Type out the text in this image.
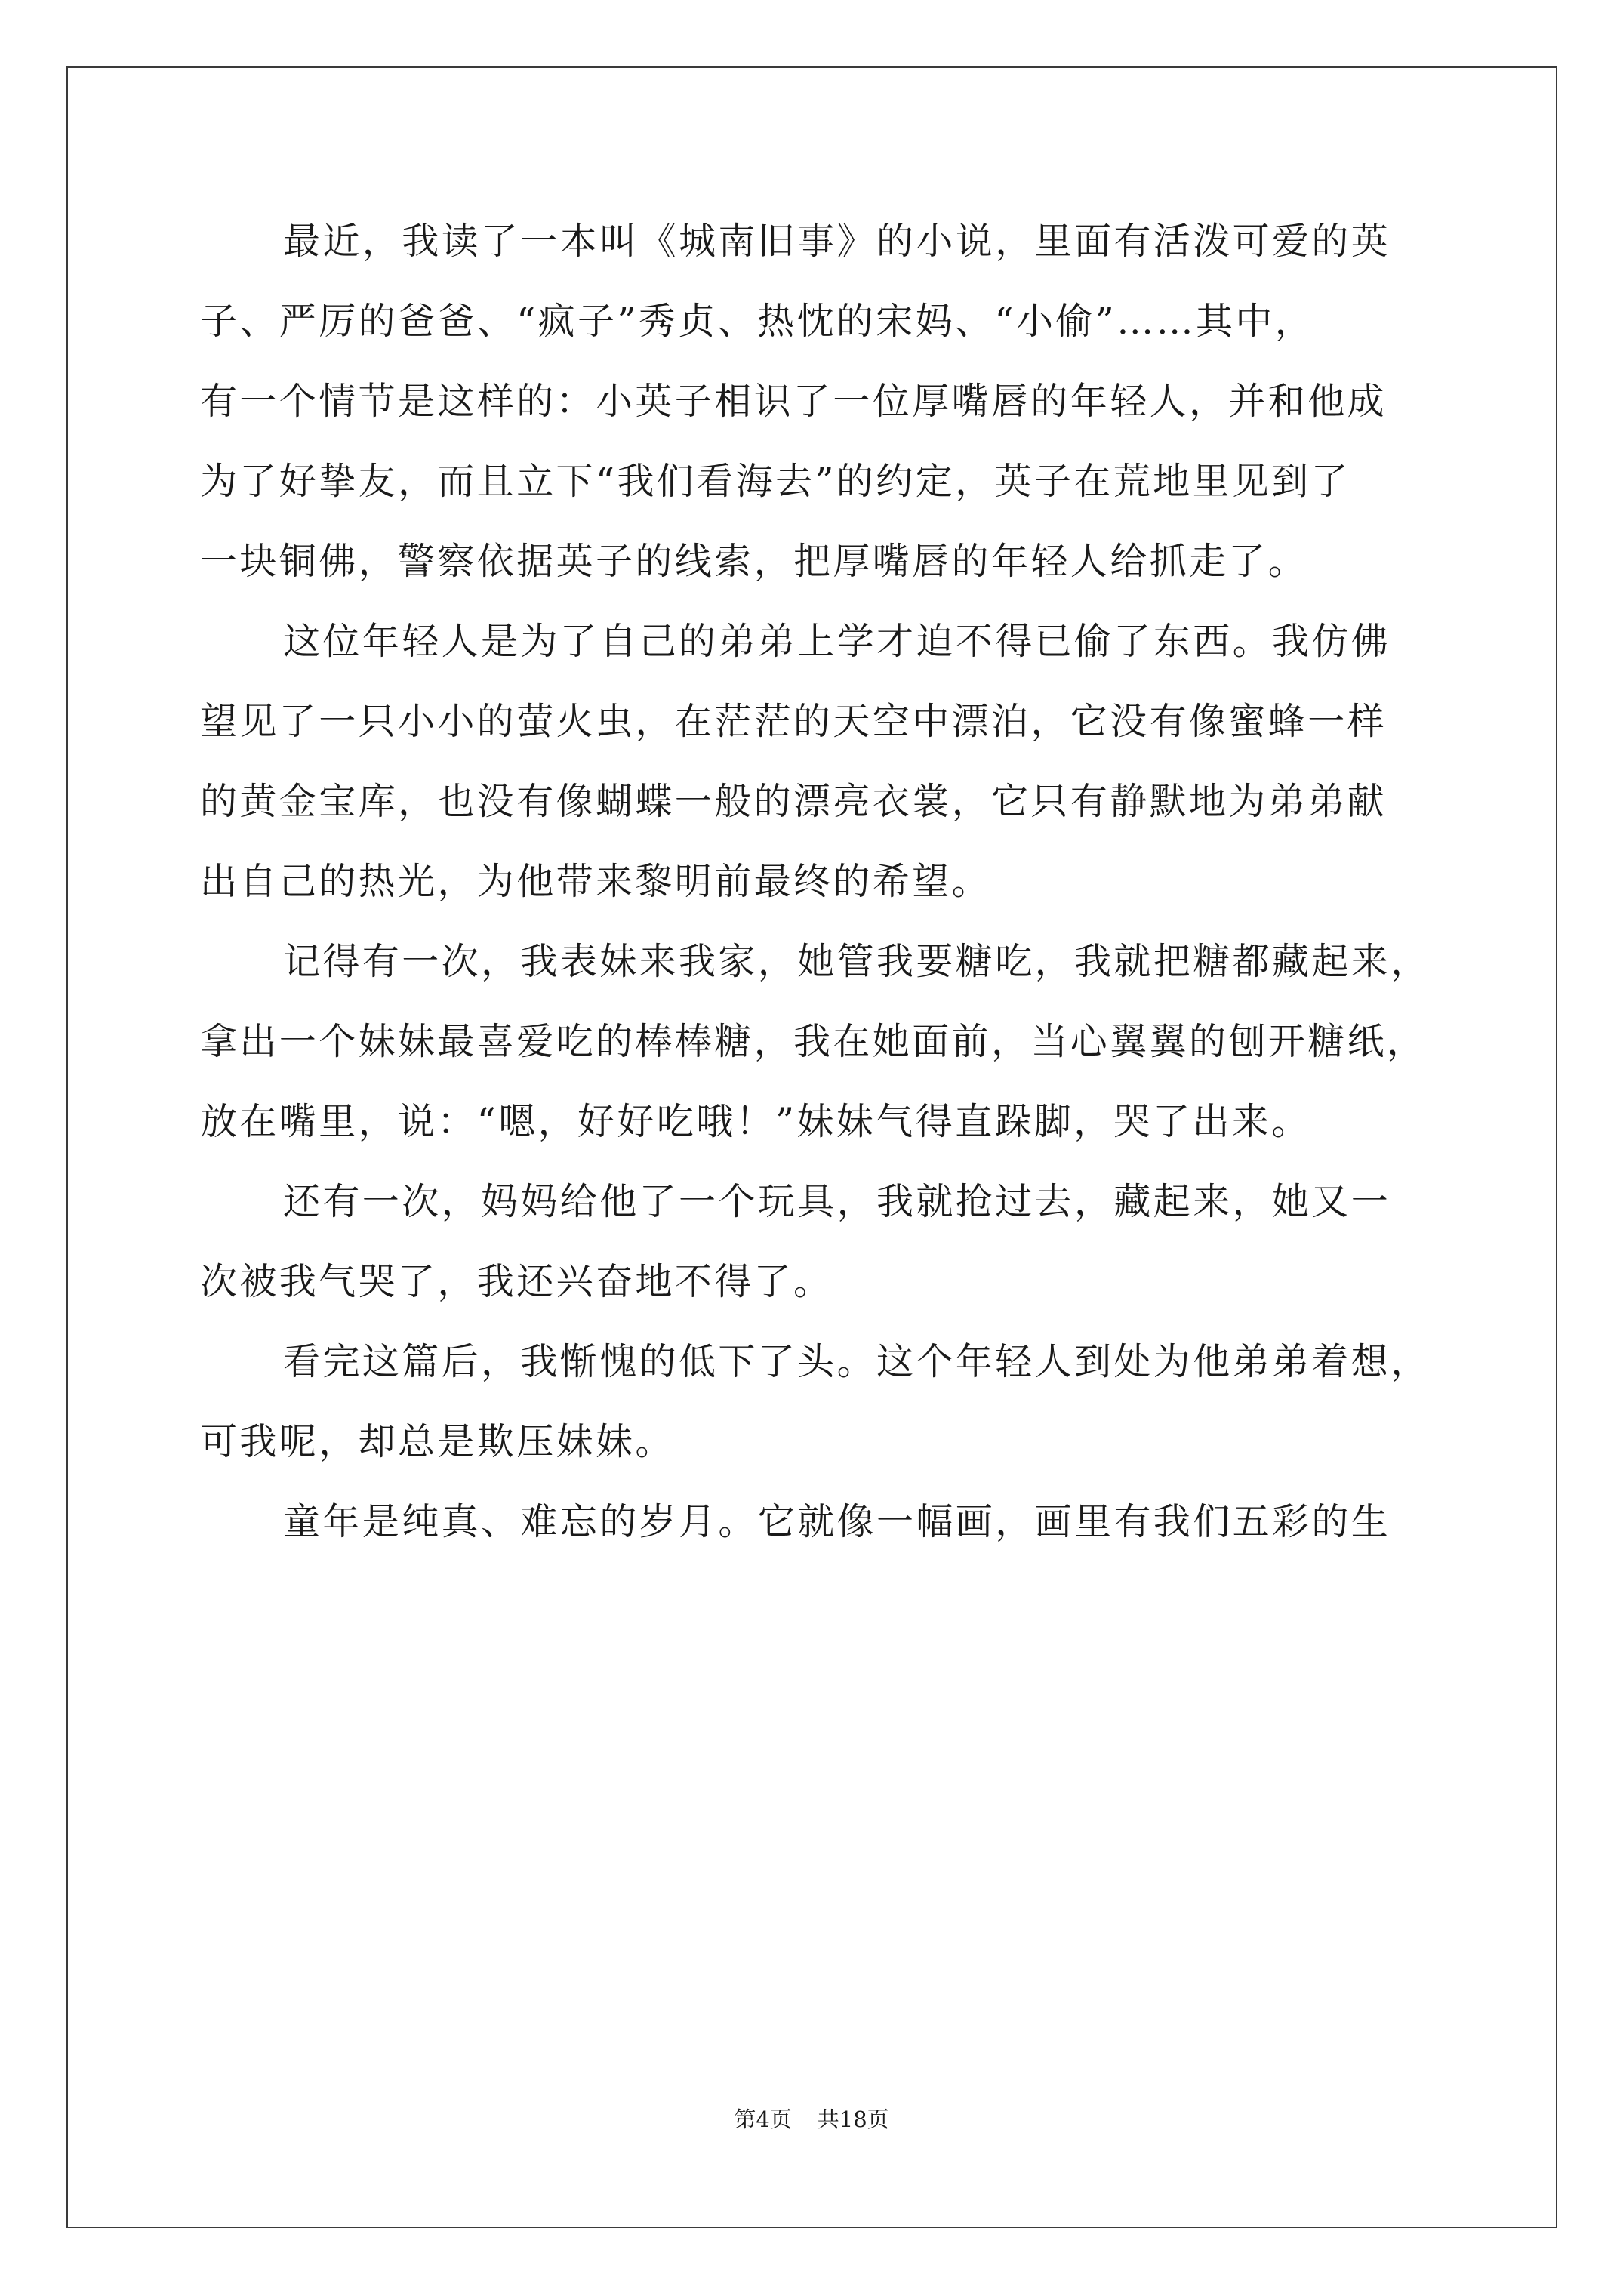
最近，我读了一本叫《城南旧事》的小说，里面有活泼可爱的英
子、严厉的爸爸、“疯子”秀贞、热忱的宋妈、“小偷”……其中，
有一个情节是这样的：小英子相识了一位厚嘴唇的年轻人，并和他成
为了好挚友，而且立下“我们看海去”的约定，英子在荒地里见到了
一块铜佛，警察依据英子的线索，把厚嘴唇的年轻人给抓走了。
这位年轻人是为了自己的弟弟上学才迫不得已偷了东西。我仿佛
望见了一只小小的萤火虫，在茫茫的天空中漂泊，它没有像蜜蜂一样
的黄金宝库，也没有像蝴蝶一般的漂亮衣裳，它只有静默地为弟弟献
出自己的热光，为他带来黎明前最终的希望。
记得有一次，我表妹来我家，她管我要糖吃，我就把糖都藏起来，
拿出一个妹妹最喜爱吃的棒棒糖，我在她面前，当心翼翼的刨开糖纸，
放在嘴里，说：“嗯，好好吃哦！”妹妹气得直跺脚，哭了出来。
还有一次，妈妈给他了一个玩具，我就抢过去，藏起来，她又一
次被我气哭了，我还兴奋地不得了。
看完这篇后，我惭愧的低下了头。这个年轻人到处为他弟弟着想，
可我呢，却总是欺压妹妹。
童年是纯真、难忘的岁月。它就像一幅画，画里有我们五彩的生
第4页 共18页
